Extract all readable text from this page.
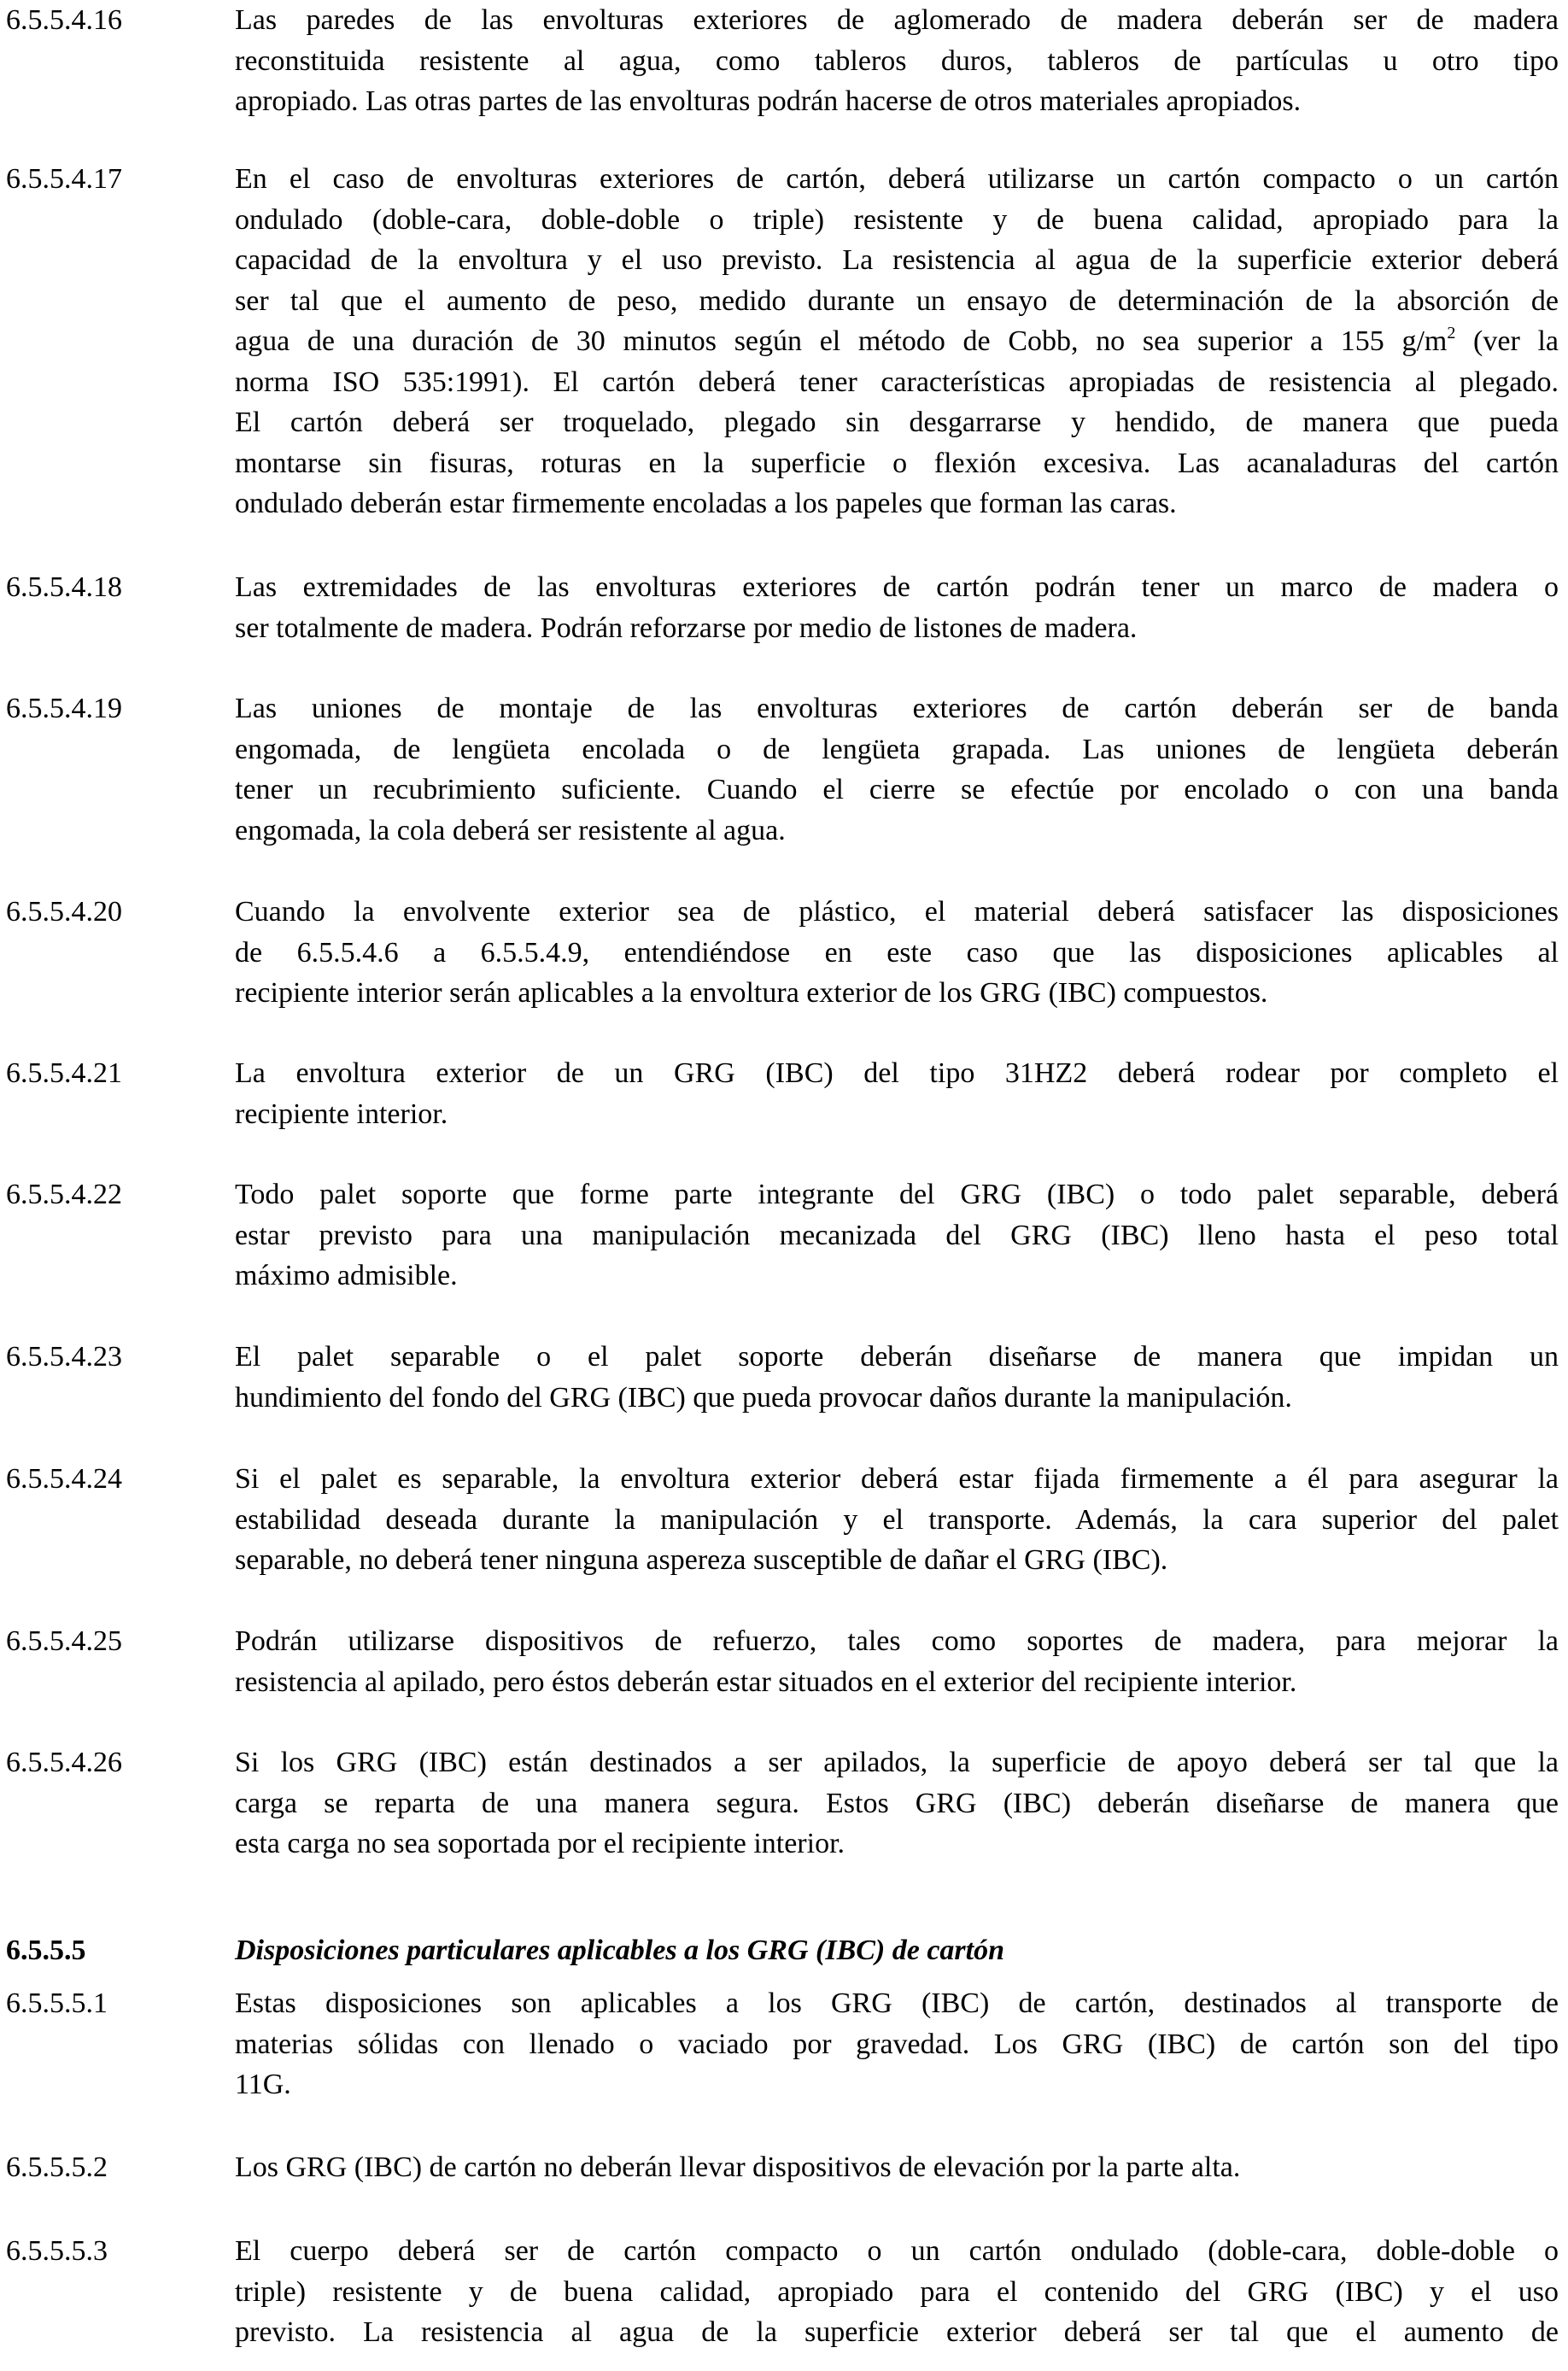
6.5.5.4.16	Las paredes de las envolturas exteriores de aglomerado de madera deberán ser de madera
reconstituida resistente al agua, como tableros duros, tableros de partículas u otro tipo
apropiado. Las otras partes de las envolturas podrán hacerse de otros materiales apropiados.
6.5.5.4.17	En el caso de envolturas exteriores de cartón, deberá utilizarse un cartón compacto o un cartón
ondulado (doble-cara, doble-doble o triple) resistente y de buena calidad, apropiado para la
capacidad de la envoltura y el uso previsto. La resistencia al agua de la superficie exterior deberá
ser tal que el aumento de peso, medido durante un ensayo de determinación de la absorción de
agua de una duración de 30 minutos según el método de Cobb, no sea superior a 155 $g/m^2$ (ver la
norma ISO 535:1991). El cartón deberá tener características apropiadas de resistencia al plegado.
El cartón deberá ser troquelado, plegado sin desgarrarse y hendido, de manera que pueda
montarse sin fisuras, roturas en la superficie o flexión excesiva. Las acanaladuras del cartón
ondulado deberán estar firmemente encoladas a los papeles que forman las caras.
6.5.5.4.18	Las extremidades de las envolturas exteriores de cartón podrán tener un marco de madera o
ser totalmente de madera. Podrán reforzarse por medio de listones de madera.
6.5.5.4.19	Las uniones de montaje de las envolturas exteriores de cartón deberán ser de banda
engomada, de lengüeta encolada o de lengüeta grapada. Las uniones de lengüeta deberán
tener un recubrimiento suficiente. Cuando el cierre se efectúe por encolado o con una banda
engomada, la cola deberá ser resistente al agua.
6.5.5.4.20	Cuando la envolvente exterior sea de plástico, el material deberá satisfacer las disposiciones
de 6.5.5.4.6 a 6.5.5.4.9, entendiéndose en este caso que las disposiciones aplicables al
recipiente interior serán aplicables a la envoltura exterior de los GRG (IBC) compuestos.
6.5.5.4.21	La envoltura exterior de un GRG (IBC) del tipo 31HZ2 deberá rodear por completo el
recipiente interior.
6.5.5.4.22	Todo palet soporte que forme parte integrante del GRG (IBC) o todo palet separable, deberá
estar previsto para una manipulación mecanizada del GRG (IBC) lleno hasta el peso total
máximo admisible.
6.5.5.4.23	El palet separable o el palet soporte deberán diseñarse de manera que impidan un
hundimiento del fondo del GRG (IBC) que pueda provocar daños durante la manipulación.
6.5.5.4.24	Si el palet es separable, la envoltura exterior deberá estar fijada firmemente a él para asegurar la
estabilidad deseada durante la manipulación y el transporte. Además, la cara superior del palet
separable, no deberá tener ninguna aspereza susceptible de dañar el GRG (IBC).
6.5.5.4.25	Podrán utilizarse dispositivos de refuerzo, tales como soportes de madera, para mejorar la
resistencia al apilado, pero éstos deberán estar situados en el exterior del recipiente interior.
6.5.5.4.26	Si los GRG (IBC) están destinados a ser apilados, la superficie de apoyo deberá ser tal que la
carga se reparta de una manera segura. Estos GRG (IBC) deberán diseñarse de manera que
esta carga no sea soportada por el recipiente interior.
6.5.5.5	Disposiciones particulares aplicables a los GRG (IBC) de cartón
6.5.5.5.1	Estas disposiciones son aplicables a los GRG (IBC) de cartón, destinados al transporte de
materias sólidas con llenado o vaciado por gravedad. Los GRG (IBC) de cartón son del tipo
11G.
6.5.5.5.2	Los GRG (IBC) de cartón no deberán llevar dispositivos de elevación por la parte alta.
6.5.5.5.3	El cuerpo deberá ser de cartón compacto o un cartón ondulado (doble-cara, doble-doble o
triple) resistente y de buena calidad, apropiado para el contenido del GRG (IBC) y el uso
previsto. La resistencia al agua de la superficie exterior deberá ser tal que el aumento de
